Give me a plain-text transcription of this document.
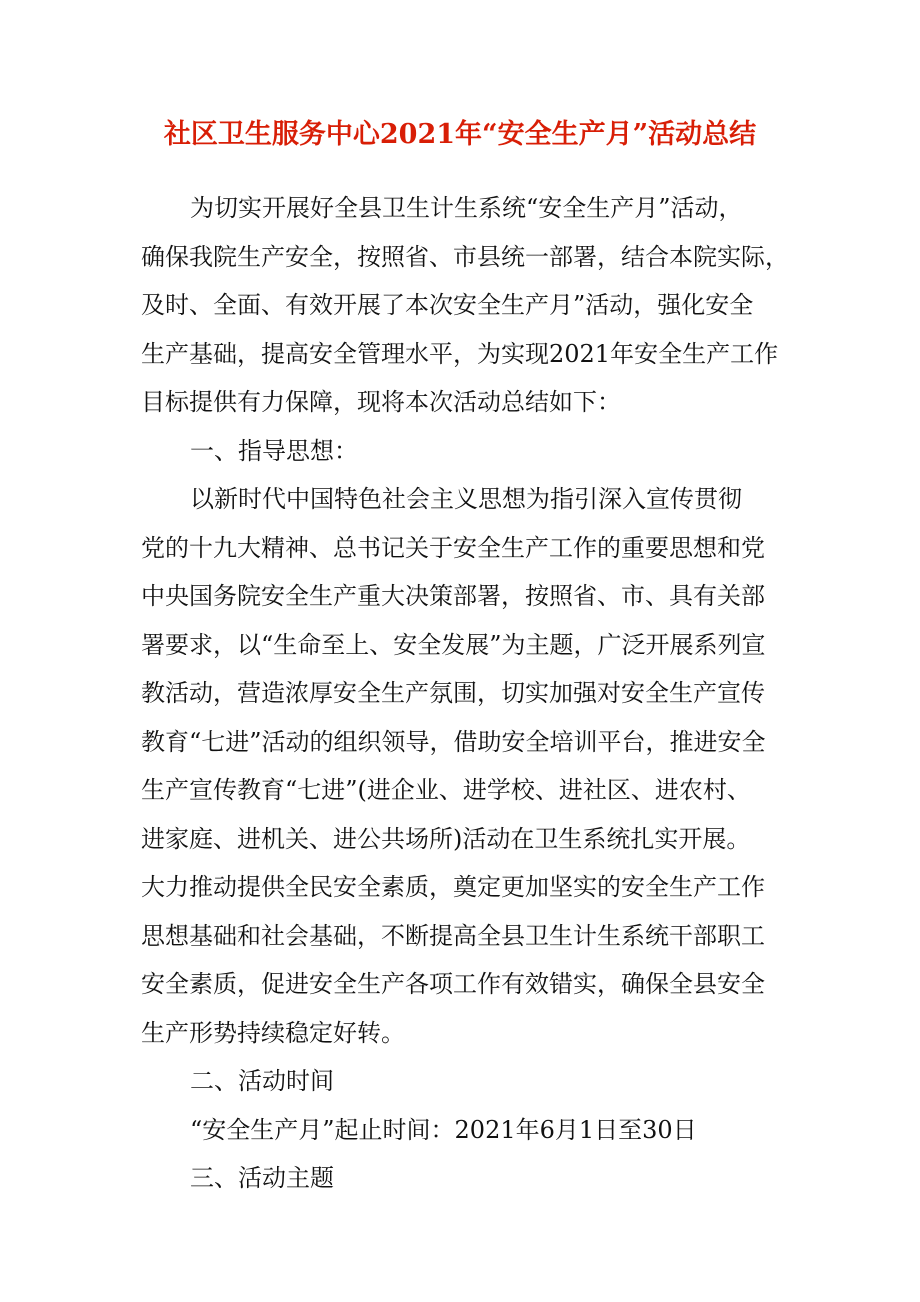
社区卫生服务中心2021年“安全生产月”活动总结
为切实开展好全县卫生计生系统“安全生产月”活动，
确保我院生产安全，按照省、市县统一部署，结合本院实际，
及时、全面、有效开展了本次安全生产月”活动，强化安全
生产基础，提高安全管理水平，为实现2021年安全生产工作
目标提供有力保障，现将本次活动总结如下：
一、指导思想：
以新时代中国特色社会主义思想为指引深入宣传贯彻
党的十九大精神、总书记关于安全生产工作的重要思想和党
中央国务院安全生产重大决策部署，按照省、市、具有关部
署要求，以“生命至上、安全发展”为主题，广泛开展系列宣
教活动，营造浓厚安全生产氛围，切实加强对安全生产宣传
教育“七进”活动的组织领导，借助安全培训平台，推进安全
生产宣传教育“七进”(进企业、进学校、进社区、进农村、
进家庭、进机关、进公共场所)活动在卫生系统扎实开展。
大力推动提供全民安全素质，奠定更加坚实的安全生产工作
思想基础和社会基础，不断提高全县卫生计生系统干部职工
安全素质，促进安全生产各项工作有效错实，确保全县安全
生产形势持续稳定好转。
二、活动时间
“安全生产月”起止时间：2021年6月1日至30日
三、活动主题
